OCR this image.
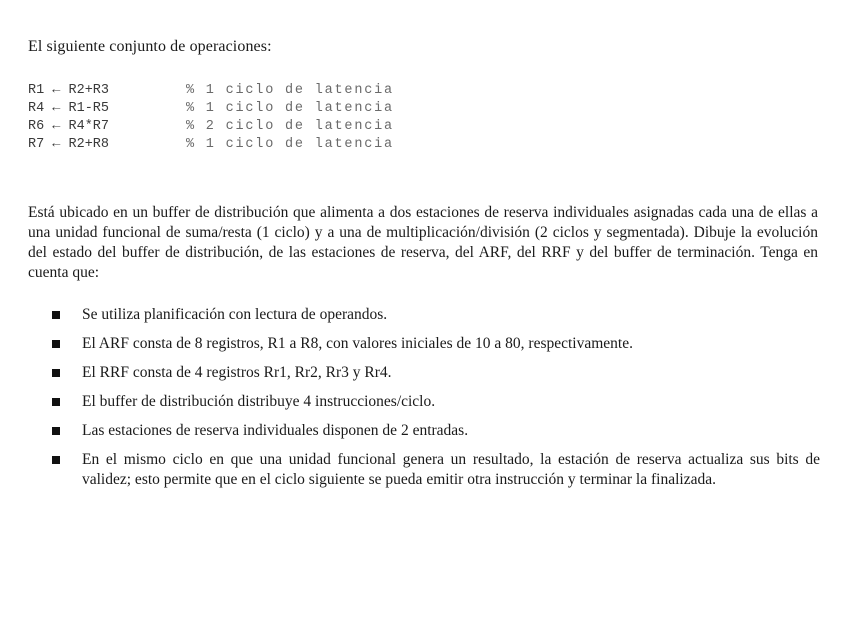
El siguiente conjunto de operaciones:
R1 ← R2+R3	% 1 ciclo de latencia
R4 ← R1-R5	% 1 ciclo de latencia
R6 ← R4*R7	% 2 ciclo de latencia
R7 ← R2+R8	% 1 ciclo de latencia
Está ubicado en un buffer de distribución que alimenta a dos estaciones de reserva individuales asignadas cada una de ellas a una unidad funcional de suma/resta (1 ciclo) y a una de multiplicación/división (2 ciclos y segmentada). Dibuje la evolución del estado del buffer de distribución, de las estaciones de reserva, del ARF, del RRF y del buffer de terminación. Tenga en cuenta que:
Se utiliza planificación con lectura de operandos.
El ARF consta de 8 registros, R1 a R8, con valores iniciales de 10 a 80, respectivamente.
El RRF consta de 4 registros Rr1, Rr2, Rr3 y Rr4.
El buffer de distribución distribuye 4 instrucciones/ciclo.
Las estaciones de reserva individuales disponen de 2 entradas.
En el mismo ciclo en que una unidad funcional genera un resultado, la estación de reserva actualiza sus bits de validez; esto permite que en el ciclo siguiente se pueda emitir otra instrucción y terminar la finalizada.
